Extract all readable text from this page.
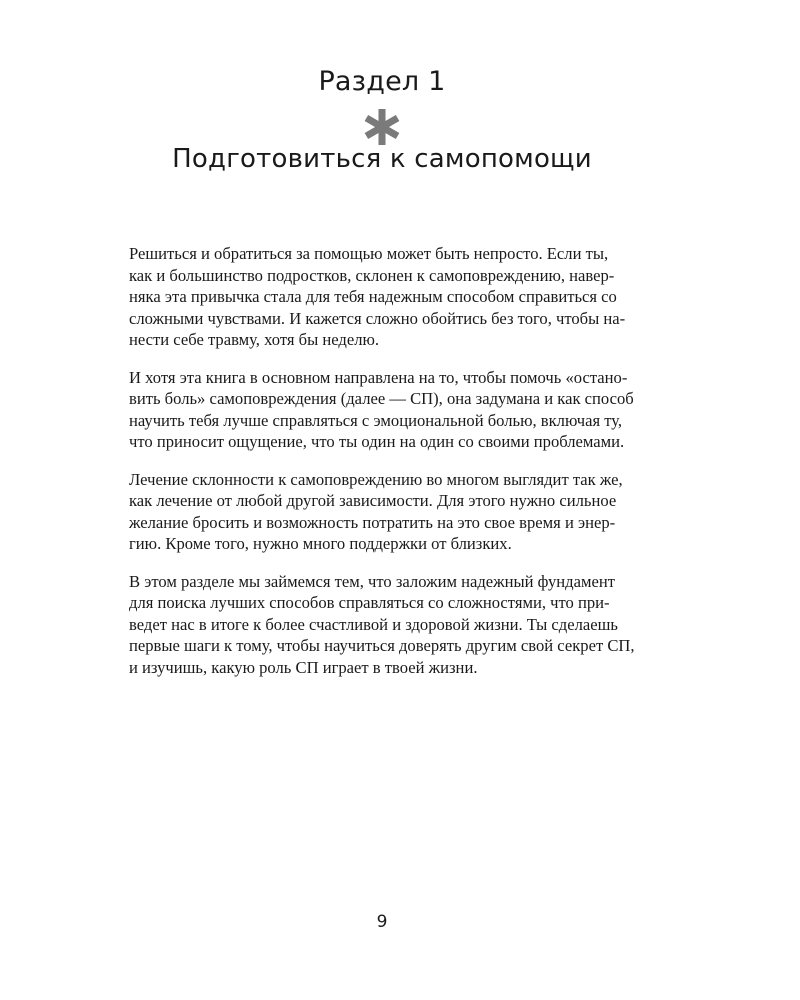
Раздел 1
Подготовиться к самопомощи

Решиться и обратиться за помощью может быть непросто. Если ты,
как и большинство подростков, склонен к самоповреждению, навер-
няка эта привычка стала для тебя надежным способом справиться со
сложными чувствами. И кажется сложно обойтись без того, чтобы на-
нести себе травму, хотя бы неделю.

И хотя эта книга в основном направлена на то, чтобы помочь «останo-
вить боль» самоповреждения (далее — СП), она задумана и как способ
научить тебя лучше справляться с эмоциональной болью, включая ту,
что приносит ощущение, что ты один на один со своими проблемами.

Лечение склонности к самоповреждению во многом выглядит так же,
как лечение от любой другой зависимости. Для этого нужно сильное
желание бросить и возможность потратить на это свое время и энер-
гию. Кроме того, нужно много поддержки от близких.

В этом разделе мы займемся тем, что заложим надежный фундамент
для поиска лучших способов справляться со сложностями, что при-
ведет нас в итоге к более счастливой и здоровой жизни. Ты сделаешь
первые шаги к тому, чтобы научиться доверять другим свой секрет СП,
и изучишь, какую роль СП играет в твоей жизни.

9
